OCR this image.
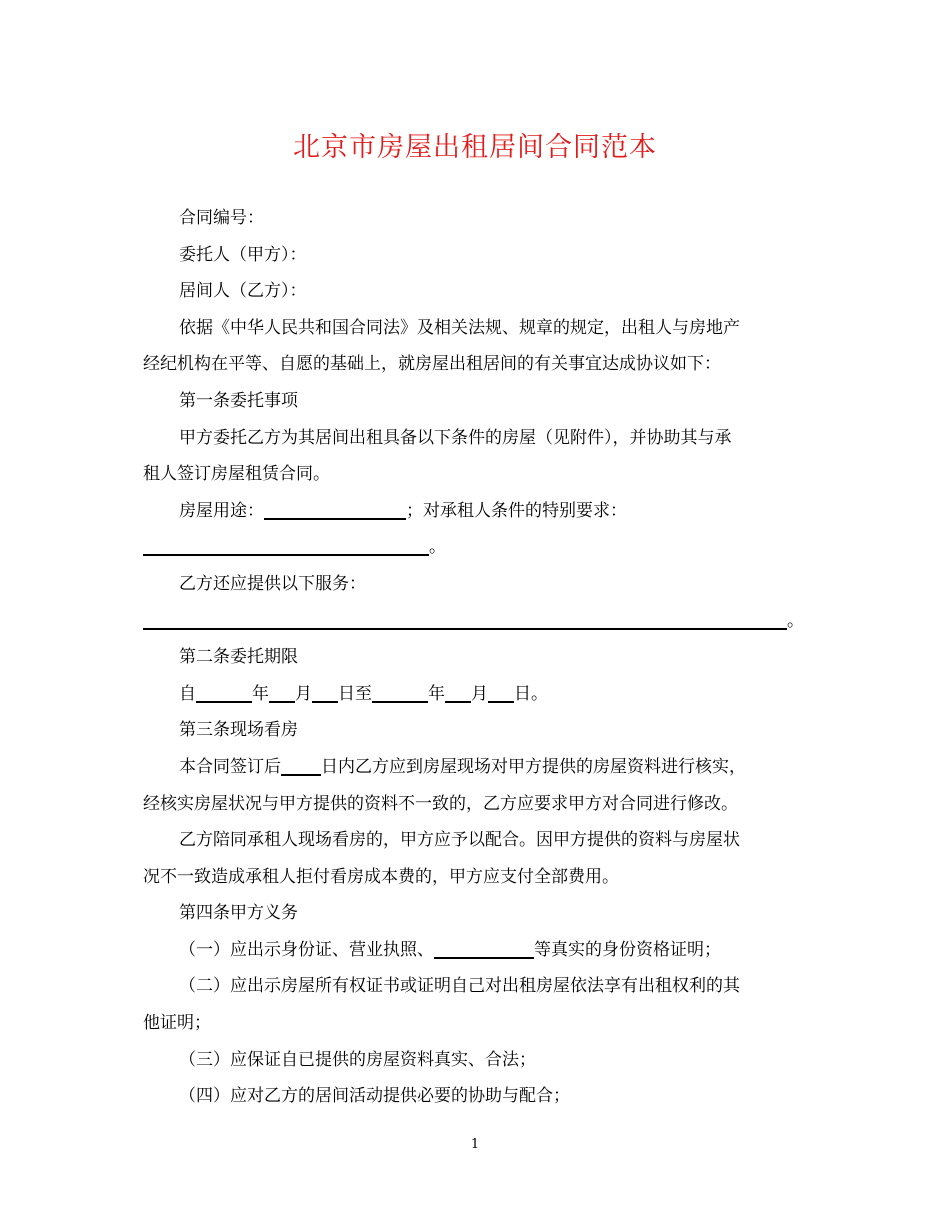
北京市房屋出租居间合同范本

合同编号：

委托人（甲方）：

居间人（乙方）：

依据《中华人民共和国合同法》及相关法规、规章的规定，出租人与房地产

经纪机构在平等、自愿的基础上，就房屋出租居间的有关事宜达成协议如下：

第一条委托事项

甲方委托乙方为其居间出租具备以下条件的房屋（见附件），并协助其与承

租人签订房屋租赁合同。

房屋用途：	；对承租人条件的特别要求：

。

乙方还应提供以下服务：

。

第二条委托期限

自	年 月 日至	年 月 日。

第三条现场看房

本合同签订后 日内乙方应到房屋现场对甲方提供的房屋资料进行核实，

经核实房屋状况与甲方提供的资料不一致的，乙方应要求甲方对合同进行修改。

乙方陪同承租人现场看房的，甲方应予以配合。因甲方提供的资料与房屋状

况不一致造成承租人拒付看房成本费的，甲方应支付全部费用。

第四条甲方义务

（一）应出示身份证、营业执照、	等真实的身份资格证明；

（二）应出示房屋所有权证书或证明自己对出租房屋依法享有出租权利的其

他证明；

（三）应保证自已提供的房屋资料真实、合法；

（四）应对乙方的居间活动提供必要的协助与配合；

1
